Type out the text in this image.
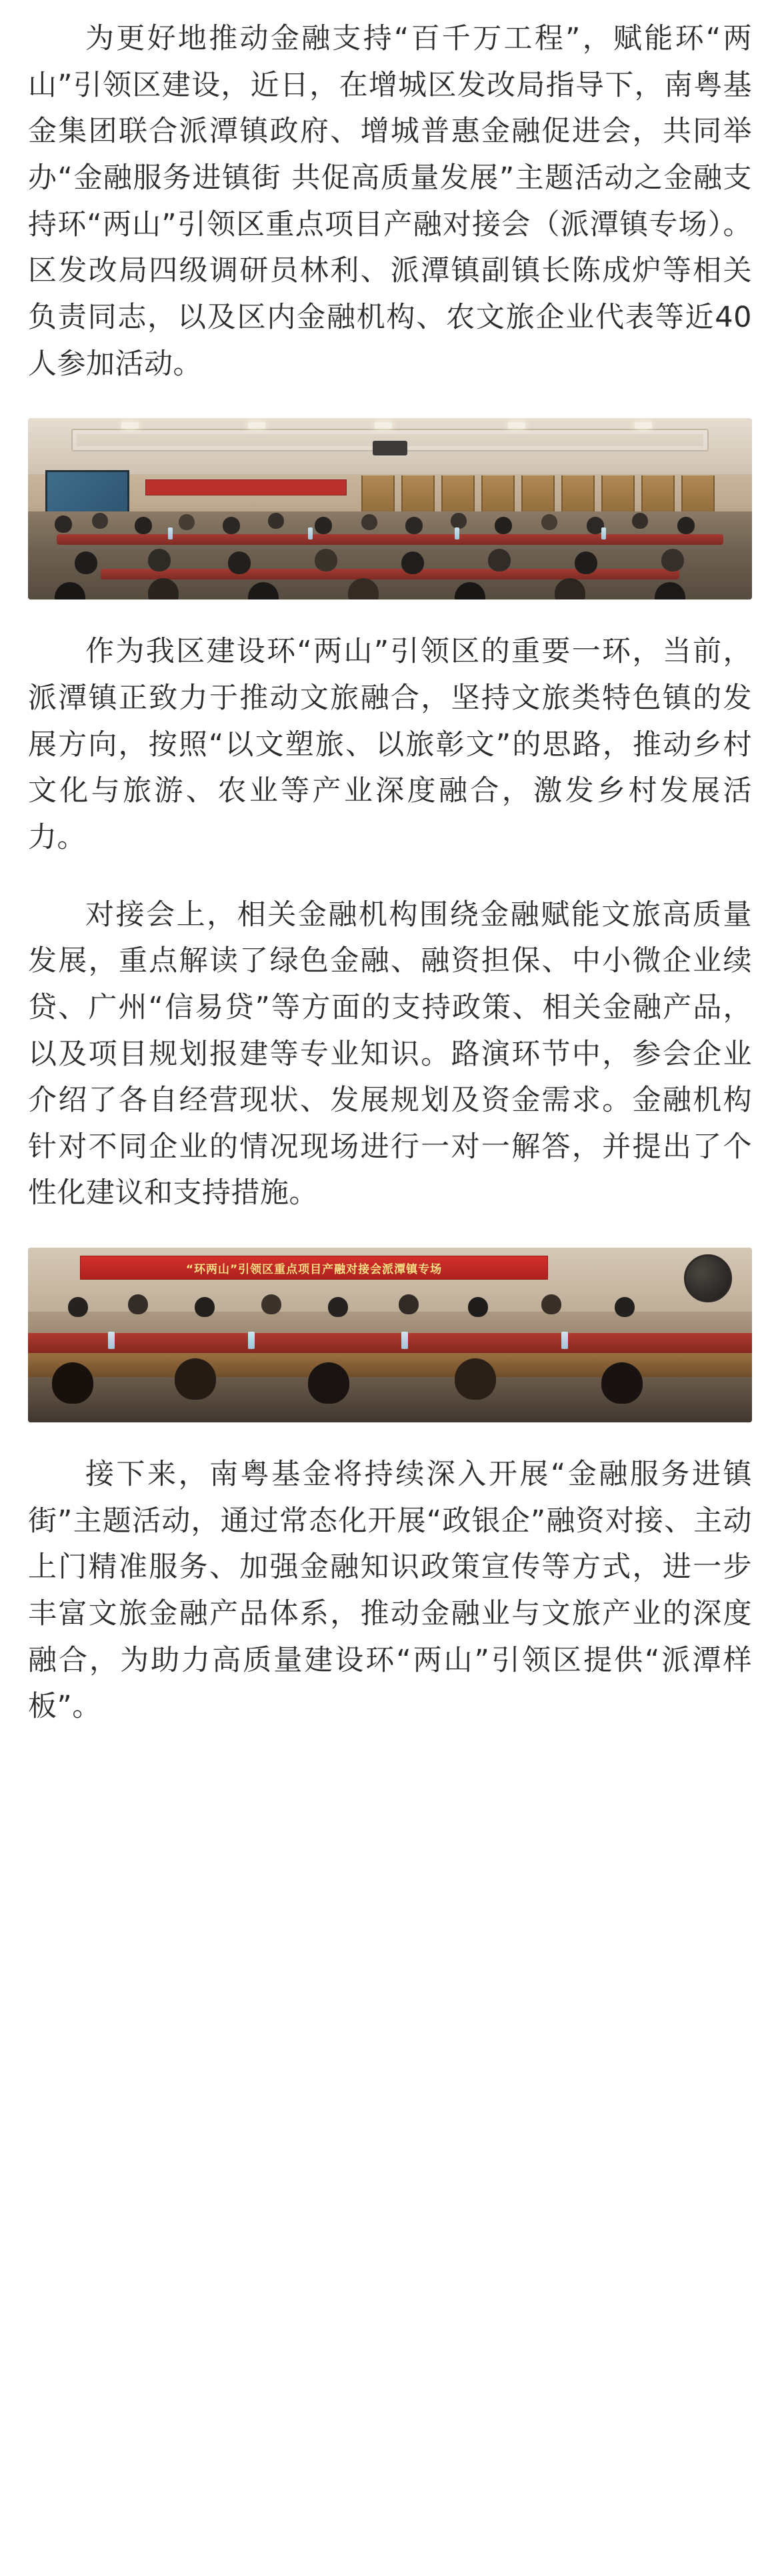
为更好地推动金融支持“百千万工程”，赋能环“两山”引领区建设，近日，在增城区发改局指导下，南粤基金集团联合派潭镇政府、增城普惠金融促进会，共同举办“金融服务进镇街 共促高质量发展”主题活动之金融支持环“两山”引领区重点项目产融对接会（派潭镇专场）。区发改局四级调研员林利、派潭镇副镇长陈成炉等相关负责同志，以及区内金融机构、农文旅企业代表等近40人参加活动。

作为我区建设环“两山”引领区的重要一环，当前，派潭镇正致力于推动文旅融合，坚持文旅类特色镇的发展方向，按照“以文塑旅、以旅彰文”的思路，推动乡村文化与旅游、农业等产业深度融合，激发乡村发展活力。

对接会上，相关金融机构围绕金融赋能文旅高质量发展，重点解读了绿色金融、融资担保、中小微企业续贷、广州“信易贷”等方面的支持政策、相关金融产品，以及项目规划报建等专业知识。路演环节中，参会企业介绍了各自经营现状、发展规划及资金需求。金融机构针对不同企业的情况现场进行一对一解答，并提出了个性化建议和支持措施。

“环两山”引领区重点项目产融对接会派潭镇专场

接下来，南粤基金将持续深入开展“金融服务进镇街”主题活动，通过常态化开展“政银企”融资对接、主动上门精准服务、加强金融知识政策宣传等方式，进一步丰富文旅金融产品体系，推动金融业与文旅产业的深度融合，为助力高质量建设环“两山”引领区提供“派潭样板”。
